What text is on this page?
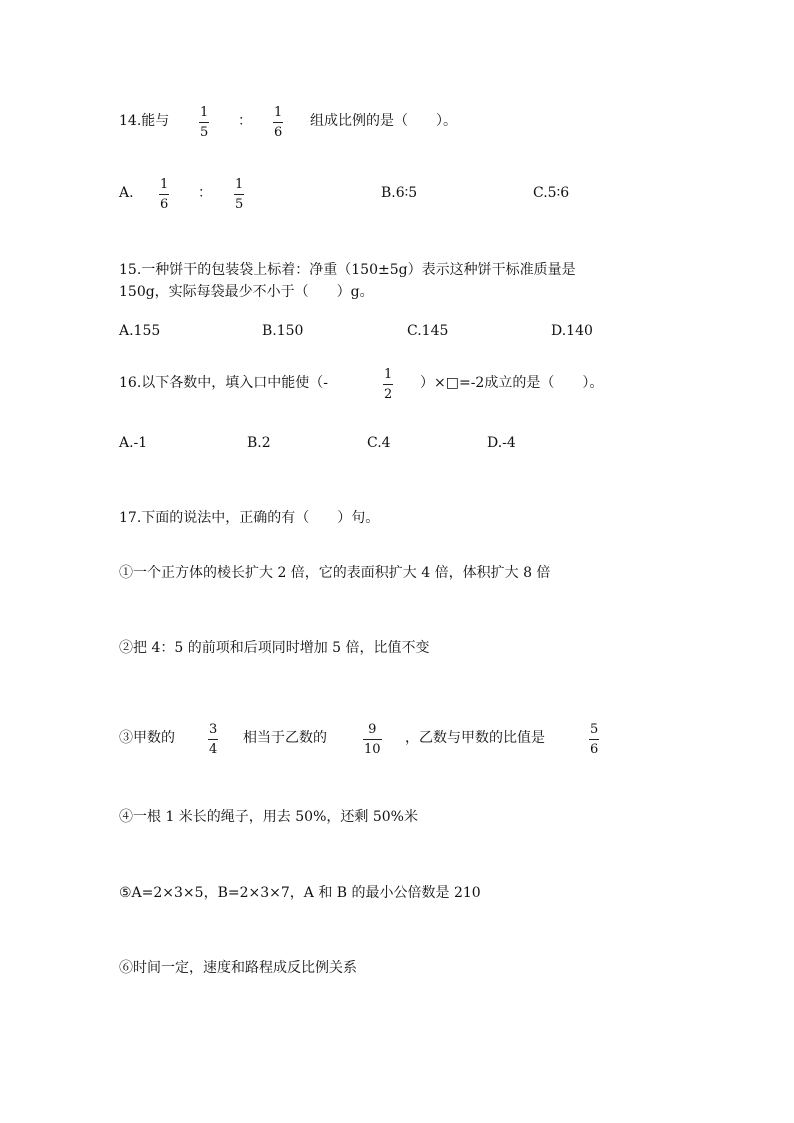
14.能与
1
5
：
1
6
组成比例的是（　　）。
A.
1
6
：
1
5
B.6∶5	C.5∶6
15.一种饼干的包装袋上标着：净重（150±5g）表示这种饼干标准质量是
150g，实际每袋最少不小于（　　）g。
A.155	B.150	C.145	D.140
16.以下各数中，填入口中能使（-
1
2
）×□=-2成立的是（　　）。
A.-1	B.2	C.4	D.-4
17.下面的说法中，正确的有（　　）句。
①一个正方体的棱长扩大 2 倍，它的表面积扩大 4 倍，体积扩大 8 倍
②把 4：5 的前项和后项同时增加 5 倍，比值不变
③甲数的
3
4
相当于乙数的
9
10
，乙数与甲数的比值是
5
6
④一根 1 米长的绳子，用去 50%，还剩 50%米
⑤A=2×3×5，B=2×3×7，A 和 B 的最小公倍数是 210
⑥时间一定，速度和路程成反比例关系
